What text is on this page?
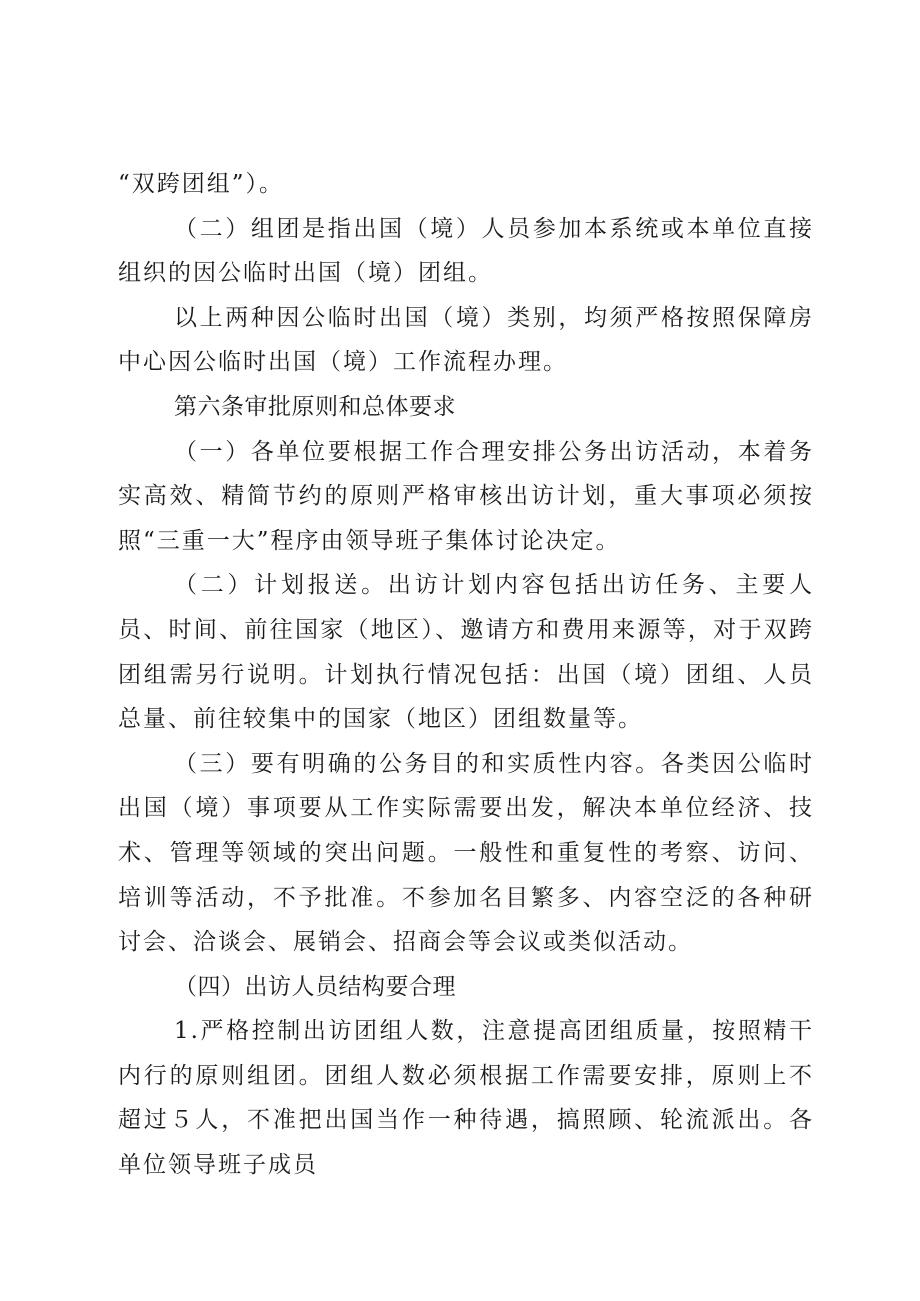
“双跨团组”）。

（二）组团是指出国（境）人员参加本系统或本单位直接组织的因公临时出国（境）团组。

以上两种因公临时出国（境）类别，均须严格按照保障房中心因公临时出国（境）工作流程办理。

第六条审批原则和总体要求

（一）各单位要根据工作合理安排公务出访活动，本着务实高效、精简节约的原则严格审核出访计划，重大事项必须按照“三重一大”程序由领导班子集体讨论决定。

（二）计划报送。出访计划内容包括出访任务、主要人员、时间、前往国家（地区）、邀请方和费用来源等，对于双跨团组需另行说明。计划执行情况包括：出国（境）团组、人员总量、前往较集中的国家（地区）团组数量等。

（三）要有明确的公务目的和实质性内容。各类因公临时出国（境）事项要从工作实际需要出发，解决本单位经济、技术、管理等领域的突出问题。一般性和重复性的考察、访问、培训等活动，不予批准。不参加名目繁多、内容空泛的各种研讨会、洽谈会、展销会、招商会等会议或类似活动。

（四）出访人员结构要合理

1.严格控制出访团组人数，注意提高团组质量，按照精干内行的原则组团。团组人数必须根据工作需要安排，原则上不超过５人，不准把出国当作一种待遇，搞照顾、轮流派出。各单位领导班子成员
